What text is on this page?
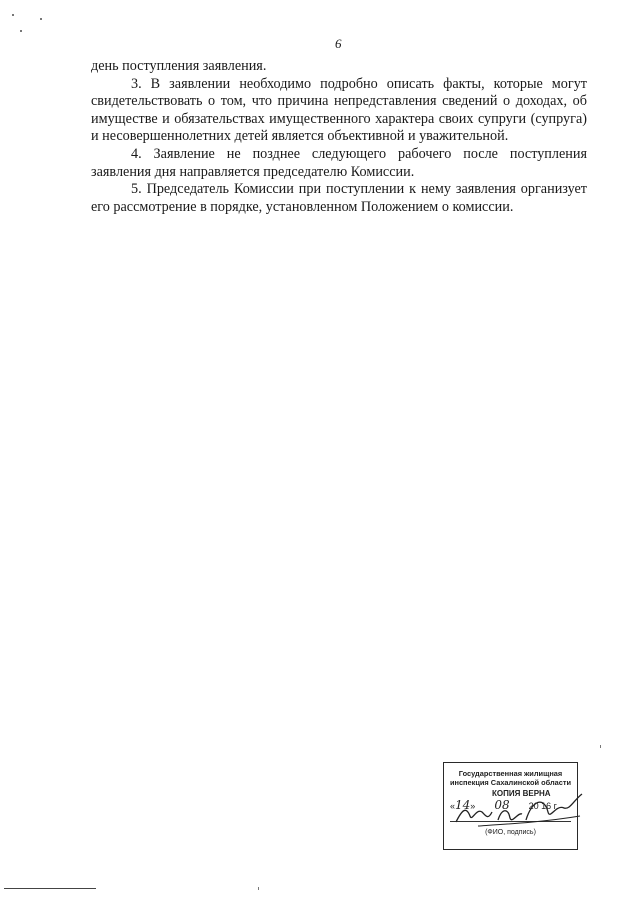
6

день поступления заявления.

3. В заявлении необходимо подробно описать факты, которые могут свидетельствовать о том, что причина непредставления сведений о доходах, об имуществе и обязательствах имущественного характера своих супруги (супруга) и несовершеннолетних детей является объективной и уважительной.

4. Заявление не позднее следующего рабочего после поступления заявления дня направляется председателю Комиссии.

5. Председатель Комиссии при поступлении к нему заявления организует его рассмотрение в порядке, установленном Положением о комиссии.

Государственная жилищная
инспекция Сахалинской области
КОПИЯ ВЕРНА
«14»  08 20 16 г.
(ФИО, подпись)
